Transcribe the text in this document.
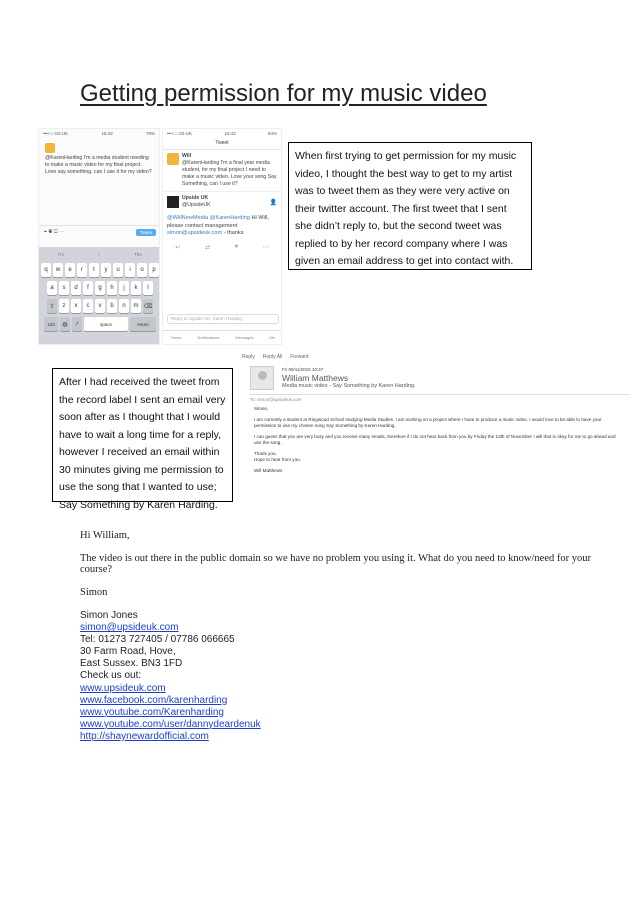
Getting permission for my music video
•••○○ O2-UK	16:42	78%
@KarenHarding I'm a media student needing to make a music video for my final project. Love say something, can I use it for my video?
⌖ ◉ ▢ ⋯	Tweet
I'm	I	The
q	w	e	r	t	y	u	i	o	p
a	s	d	f	g	h	j	k	l
⇧	z	x	c	v	b	n	m ⌫
123	◍	♪	space	return
•••○○ O2-UK	16:42	84%
Tweet
Will
@KarenHarding I'm a final year media student, for my final project I need to make a music video. Love your song Say Something, can I use it?
Upside UK
@UpsideUK	👤
@WillNewMedia @KarenHarding Hi Will, please contact management simon@upsideuk.com - thanks
↩	⇄	♥	⋯
Reply to Upside UK, Karen Harding
Home	Notifications	Messages	Me
When first trying to get permission for my music video, I thought the best way to get to my artist was to tweet them as they were very active on their twitter account. The first tweet that I sent she didn’t reply to, but the second tweet was replied to by her record company where I was given an email address to get into contact with.
Reply Reply All Forward
Fri 06/11/2015 10:47
William Matthews
Media music video - Say Something by Karen Harding.
To: simon@upsideuk.com

Simon,

I am currently a student at Ringwood School studying Media Studies. I am working on a project where I have to produce a music video. I would love to be able to have your permission to use my chosen song Say Something by Karen Harding.

I can guess that you are very busy and you receive many emails, therefore if I do not hear back from you by Friday the 13th of November I will that is okay for me to go ahead and use the song.

Thank you,

Hope to hear from you.

Will Matthews

After I had received the tweet from the record label I sent an email very soon after as I thought that I would have to wait a long time for a reply, however I received an email within 30 minutes giving me permission to use the song that I wanted to use; Say Something by Karen Harding.
Hi William,
The video is out there in the public domain so we have no problem you using it. What do you need to know/need for your course?
Simon
Simon Jones
simon@upsideuk.com
Tel: 01273 727405 / 07786 066665
30 Farm Road, Hove,
East Sussex. BN3 1FD
Check us out:
www.upsideuk.com
www.facebook.com/karenharding
www.youtube.com/Karenharding
www.youtube.com/user/dannydeardenuk
http://shaynewardofficial.com
